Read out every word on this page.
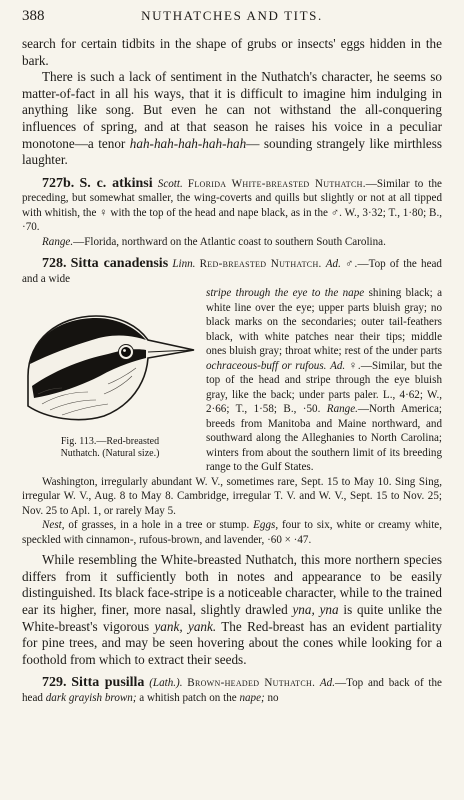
388	NUTHATCHES AND TITS.

search for certain tidbits in the shape of grubs or insects' eggs hidden in the bark.

There is such a lack of sentiment in the Nuthatch's character, he seems so matter-of-fact in all his ways, that it is difficult to imagine him indulging in anything like song. But even he can not withstand the all-conquering influences of spring, and at that season he raises his voice in a peculiar monotone—a tenor hah-hah-hah-hah-hah— sounding strangely like mirthless laughter.

727b. S. c. atkinsi Scott. Florida White-breasted Nuthatch.—Similar to the preceding, but somewhat smaller, the wing-coverts and quills but slightly or not at all tipped with whitish, the ♀ with the top of the head and nape black, as in the ♂. W., 3·32; T., 1·80; B., ·70.

Range.—Florida, northward on the Atlantic coast to southern South Carolina.

728. Sitta canadensis Linn. Red-breasted Nuthatch. Ad. ♂.—Top of the head and a wide

Fig. 113.—Red-breasted
Nuthatch. (Natural size.)

stripe through the eye to the nape shining black; a white line over the eye; upper parts bluish gray; no black marks on the secondaries; outer tail-feathers black, with white patches near their tips; middle ones bluish gray; throat white; rest of the under parts ochraceous-buff or rufous. Ad. ♀.—Similar, but the top of the head and stripe through the eye bluish gray, like the back; under parts paler. L., 4·62; W., 2·66; T., 1·58; B., ·50. Range.—North America; breeds from Manitoba and Maine northward, and southward along the Alleghanies to North Carolina; winters from about the southern limit of its breeding range to the Gulf States.

Washington, irregularly abundant W. V., sometimes rare, Sept. 15 to May 10. Sing Sing, irregular W. V., Aug. 8 to May 8. Cambridge, irregular T. V. and W. V., Sept. 15 to Nov. 25; Nov. 25 to Apl. 1, or rarely May 5.

Nest, of grasses, in a hole in a tree or stump. Eggs, four to six, white or creamy white, speckled with cinnamon-, rufous-brown, and lavender, ·60 × ·47.

While resembling the White-breasted Nuthatch, this more northern species differs from it sufficiently both in notes and appearance to be easily distinguished. Its black face-stripe is a noticeable character, while to the trained ear its higher, finer, more nasal, slightly drawled yna, yna is quite unlike the White-breast's vigorous yank, yank. The Red-breast has an evident partiality for pine trees, and may be seen hovering about the cones while looking for a foothold from which to extract their seeds.

729. Sitta pusilla (Lath.). Brown-headed Nuthatch. Ad.—Top and back of the head dark grayish brown; a whitish patch on the nape; no
